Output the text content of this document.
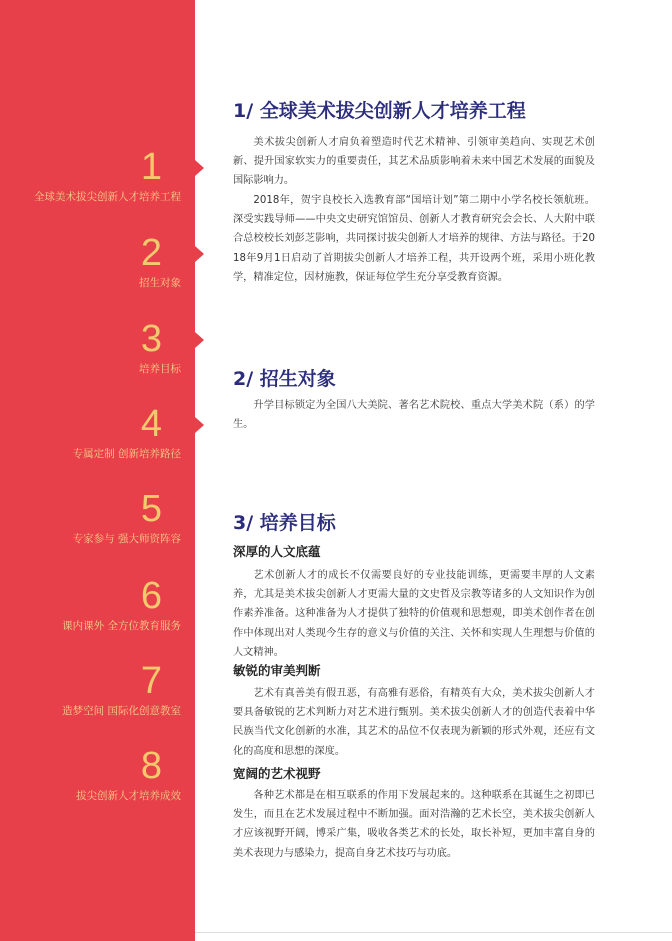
1
全球美术拔尖创新人才培养工程
2
招生对象
3
培养目标
4
专属定制 创新培养路径
5
专家参与 强大师资阵容
6
课内课外 全方位教育服务
7
造梦空间 国际化创意教室
8
拔尖创新人才培养成效
1/ 全球美术拔尖创新人才培养工程

美术拔尖创新人才肩负着塑造时代艺术精神、引领审美趋向、实现艺术创新、提升国家软实力的重要责任，其艺术品质影响着未来中国艺术发展的面貌及国际影响力。

2018年，贺宇良校长入选教育部“国培计划”第二期中小学名校长领航班。深受实践导师——中央文史研究馆馆员、创新人才教育研究会会长、人大附中联合总校校长刘彭芝影响，共同探讨拔尖创新人才培养的规律、方法与路径。于2018年9月1日启动了首期拔尖创新人才培养工程，共开设两个班，采用小班化教学，精准定位，因材施教，保证每位学生充分享受教育资源。

2/ 招生对象

升学目标锁定为全国八大美院、著名艺术院校、重点大学美术院（系）的学生。

3/ 培养目标
深厚的人文底蕴

艺术创新人才的成长不仅需要良好的专业技能训练，更需要丰厚的人文素养，尤其是美术拔尖创新人才更需大量的文史哲及宗教等诸多的人文知识作为创作素养准备。这种准备为人才提供了独特的价值观和思想观，即美术创作者在创作中体现出对人类现今生存的意义与价值的关注、关怀和实现人生理想与价值的人文精神。

敏锐的审美判断

艺术有真善美有假丑恶，有高雅有恶俗，有精英有大众，美术拔尖创新人才要具备敏锐的艺术判断力对艺术进行甄别。美术拔尖创新人才的创造代表着中华民族当代文化创新的水准，其艺术的品位不仅表现为新颖的形式外观，还应有文化的高度和思想的深度。

宽阔的艺术视野

各种艺术都是在相互联系的作用下发展起来的。这种联系在其诞生之初即已发生，而且在艺术发展过程中不断加强。面对浩瀚的艺术长空，美术拔尖创新人才应该视野开阔，博采广集，吸收各类艺术的长处，取长补短，更加丰富自身的美术表现力与感染力，提高自身艺术技巧与功底。
